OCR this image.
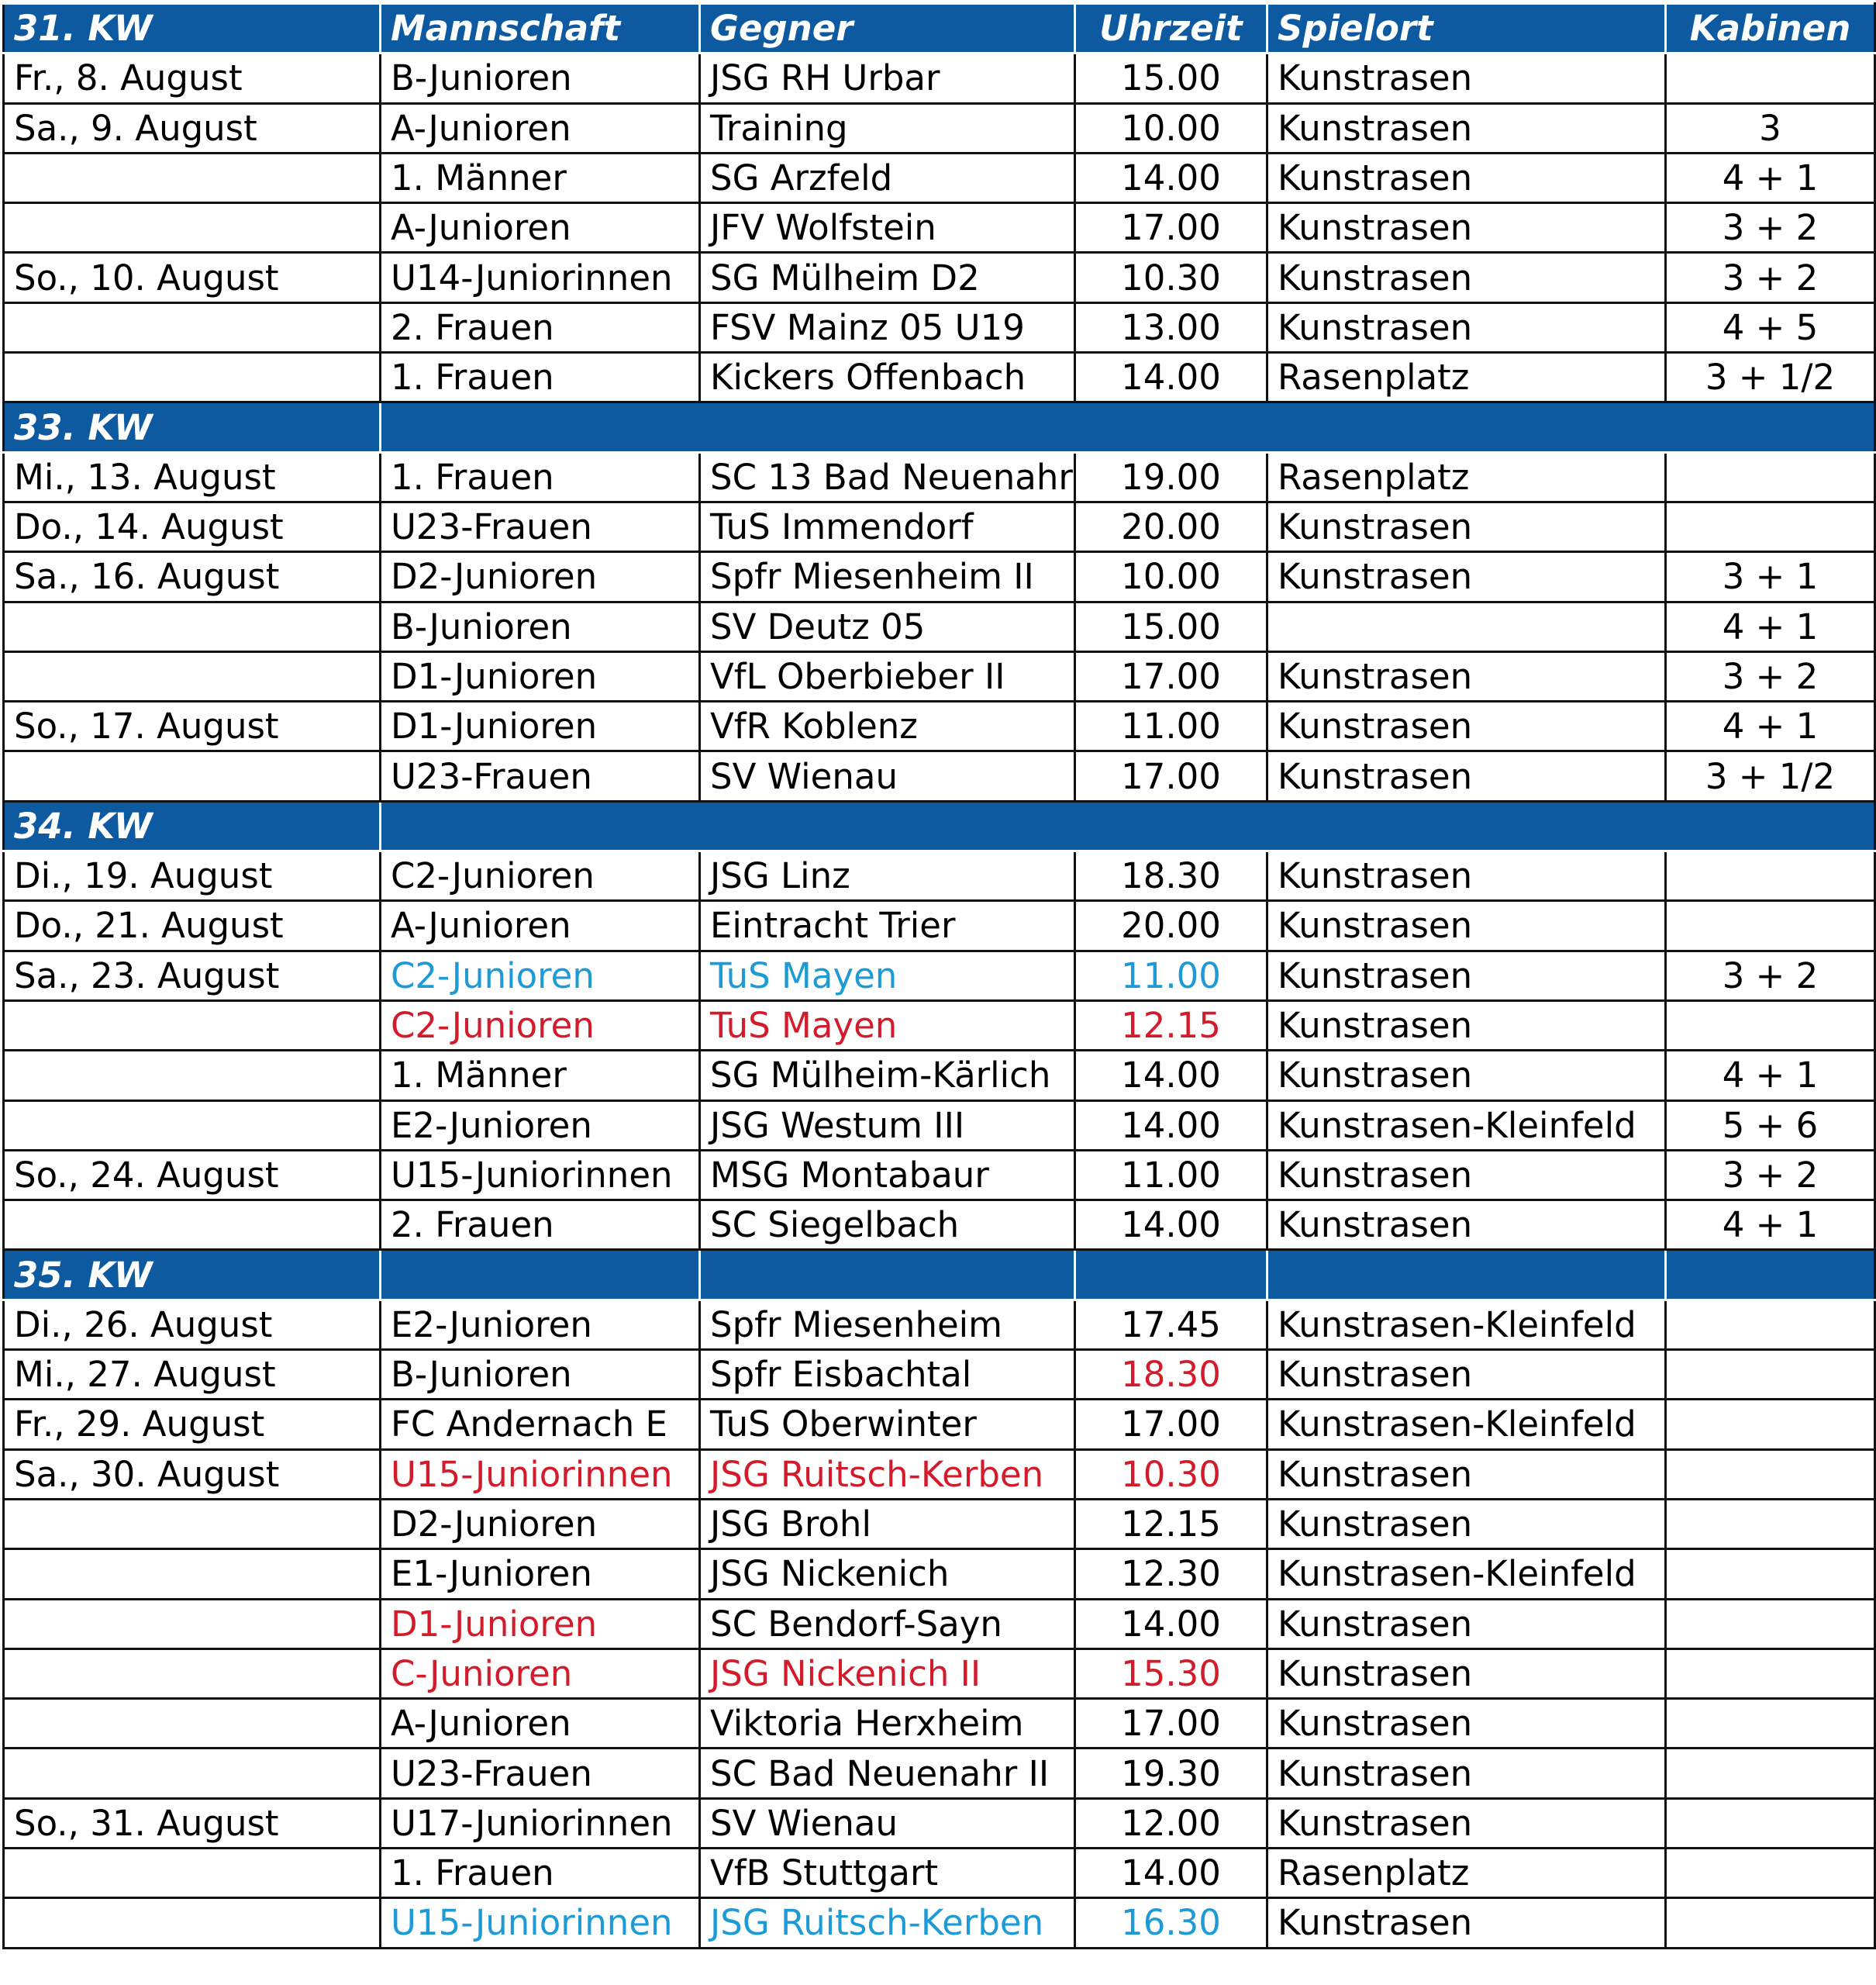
31. KW	Mannschaft	Gegner	Uhrzeit	Spielort	Kabinen
Fr., 8. August	B-Junioren	JSG RH Urbar	15.00	Kunstrasen	
Sa., 9. August	A-Junioren	Training	10.00	Kunstrasen	3
	1. Männer	SG Arzfeld	14.00	Kunstrasen	4 + 1
	A-Junioren	JFV Wolfstein	17.00	Kunstrasen	3 + 2
So., 10. August	U14-Juniorinnen	SG Mülheim D2	10.30	Kunstrasen	3 + 2
	2. Frauen	FSV Mainz 05 U19	13.00	Kunstrasen	4 + 5
	1. Frauen	Kickers Offenbach	14.00	Rasenplatz	3 + 1/2
33. KW					
Mi., 13. August	1. Frauen	SC 13 Bad Neuenahr	19.00	Rasenplatz	
Do., 14. August	U23-Frauen	TuS Immendorf	20.00	Kunstrasen	
Sa., 16. August	D2-Junioren	Spfr Miesenheim II	10.00	Kunstrasen	3 + 1
	B-Junioren	SV Deutz 05	15.00		4 + 1
	D1-Junioren	VfL Oberbieber II	17.00	Kunstrasen	3 + 2
So., 17. August	D1-Junioren	VfR Koblenz	11.00	Kunstrasen	4 + 1
	U23-Frauen	SV Wienau	17.00	Kunstrasen	3 + 1/2
34. KW					
Di., 19. August	C2-Junioren	JSG Linz	18.30	Kunstrasen	
Do., 21. August	A-Junioren	Eintracht Trier	20.00	Kunstrasen	
Sa., 23. August	C2-Junioren	TuS Mayen	11.00	Kunstrasen	3 + 2
	C2-Junioren	TuS Mayen	12.15	Kunstrasen	
	1. Männer	SG Mülheim-Kärlich	14.00	Kunstrasen	4 + 1
	E2-Junioren	JSG Westum III	14.00	Kunstrasen-Kleinfeld	5 + 6
So., 24. August	U15-Juniorinnen	MSG Montabaur	11.00	Kunstrasen	3 + 2
	2. Frauen	SC Siegelbach	14.00	Kunstrasen	4 + 1
35. KW					
Di., 26. August	E2-Junioren	Spfr Miesenheim	17.45	Kunstrasen-Kleinfeld	
Mi., 27. August	B-Junioren	Spfr Eisbachtal	18.30	Kunstrasen	
Fr., 29. August	FC Andernach E	TuS Oberwinter	17.00	Kunstrasen-Kleinfeld	
Sa., 30. August	U15-Juniorinnen	JSG Ruitsch-Kerben	10.30	Kunstrasen	
	D2-Junioren	JSG Brohl	12.15	Kunstrasen	
	E1-Junioren	JSG Nickenich	12.30	Kunstrasen-Kleinfeld	
	D1-Junioren	SC Bendorf-Sayn	14.00	Kunstrasen	
	C-Junioren	JSG Nickenich II	15.30	Kunstrasen	
	A-Junioren	Viktoria Herxheim	17.00	Kunstrasen	
	U23-Frauen	SC Bad Neuenahr II	19.30	Kunstrasen	
So., 31. August	U17-Juniorinnen	SV Wienau	12.00	Kunstrasen	
	1. Frauen	VfB Stuttgart	14.00	Rasenplatz	
	U15-Juniorinnen	JSG Ruitsch-Kerben	16.30	Kunstrasen	
